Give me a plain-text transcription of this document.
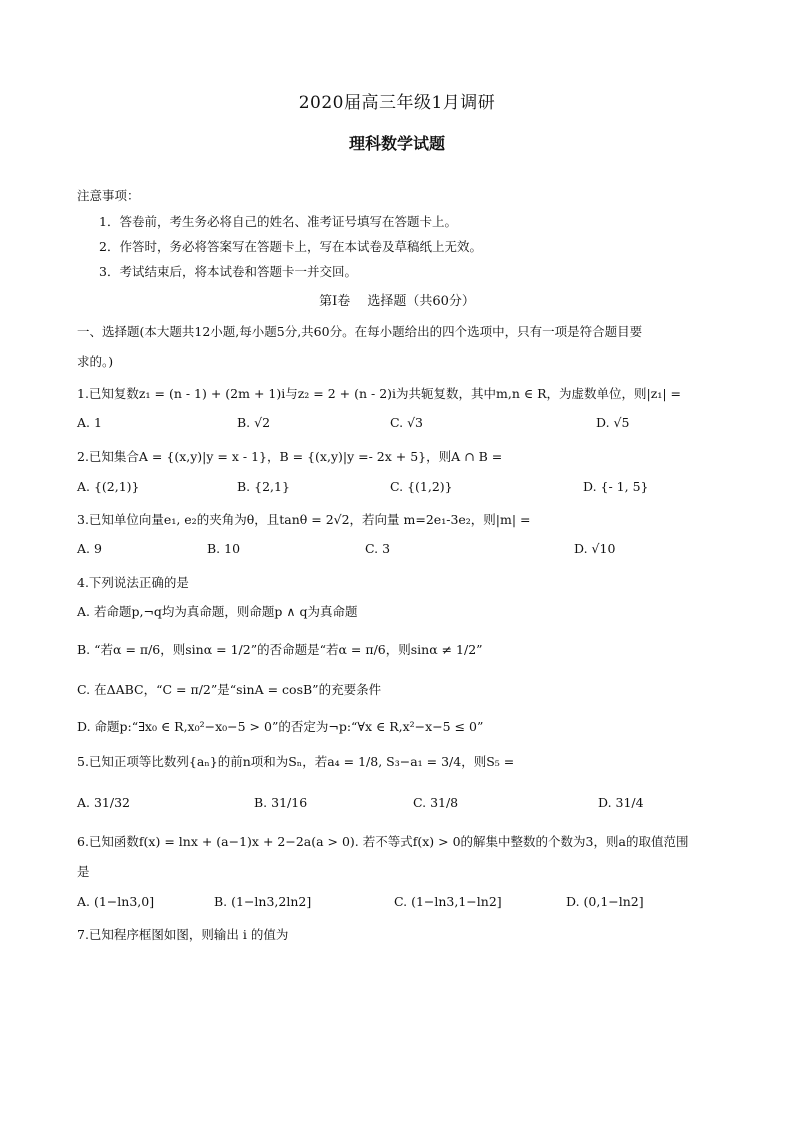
2020届高三年级1月调研
理科数学试题
注意事项：
1．答卷前，考生务必将自己的姓名、准考证号填写在答题卡上。
2．作答时，务必将答案写在答题卡上，写在本试卷及草稿纸上无效。
3．考试结束后，将本试卷和答题卡一并交回。
第Ⅰ卷　 选择题（共60分）
一、选择题(本大题共12小题,每小题5分,共60分。在每小题给出的四个选项中，只有一项是符合题目要
求的。)
1.已知复数z₁ = (n - 1) + (2m + 1)i与z₂ = 2 + (n - 2)i为共轭复数，其中m,n ∈ R，为虚数单位，则|z₁| =
A. 1	B. √2	C. √3	D. √5
2.已知集合A = {(x,y)|y = x - 1}，B = {(x,y)|y =- 2x + 5}，则A ∩ B =
A. {(2,1)}	B. {2,1}	C. {(1,2)}	D. {- 1, 5}
3.已知单位向量e₁, e₂的夹角为θ，且tanθ = 2√2，若向量 m=2e₁-3e₂，则|m| =
A. 9	B. 10	C. 3	D. √10
4.下列说法正确的是
A. 若命题p,¬q均为真命题，则命题p ∧ q为真命题
B. “若α = π/6，则sinα = 1/2”的否命题是“若α = π/6，则sinα ≠ 1/2”
C. 在ΔABC，“C = π/2”是“sinA = cosB”的充要条件
D. 命题p:“∃x₀ ∈ R,x₀²−x₀−5 > 0”的否定为¬p:“∀x ∈ R,x²−x−5 ≤ 0”
5.已知正项等比数列{aₙ}的前n项和为Sₙ，若a₄ = 1/8, S₃−a₁ = 3/4，则S₅ =
A. 31/32	B. 31/16	C. 31/8	D. 31/4
6.已知函数f(x) = lnx + (a−1)x + 2−2a(a > 0). 若不等式f(x) > 0的解集中整数的个数为3，则a的取值范围
是
A. (1−ln3,0]	B. (1−ln3,2ln2]	C. (1−ln3,1−ln2]	D. (0,1−ln2]
7.已知程序框图如图，则输出 i 的值为
